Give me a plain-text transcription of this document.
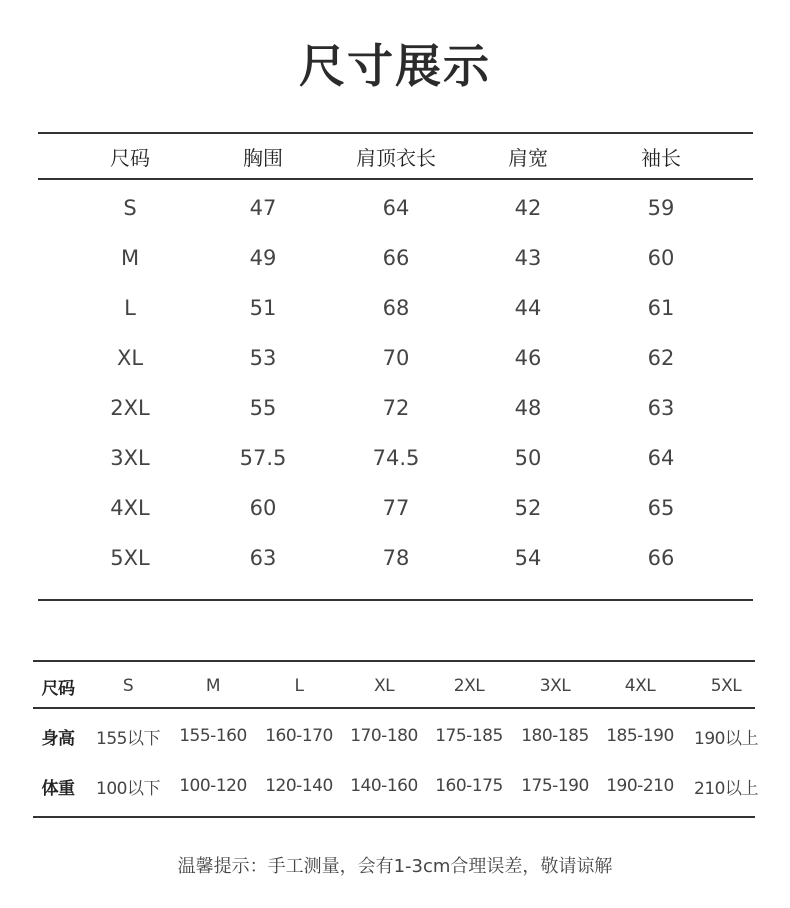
尺寸展示
尺码	胸围	肩顶衣长	肩宽	袖长
S	47	64	42	59
M	49	66	43	60
L	51	68	44	61
XL	53	70	46	62
2XL	55	72	48	63
3XL	57.5	74.5	50	64
4XL	60	77	52	65
5XL	63	78	54	66
尺码	S	M	L	XL	2XL	3XL	4XL	5XL
身高	155以下	155-160	160-170	170-180	175-185	180-185	185-190	190以上
体重	100以下	100-120	120-140	140-160	160-175	175-190	190-210	210以上
温馨提示：手工测量，会有1-3cm合理误差，敬请谅解
